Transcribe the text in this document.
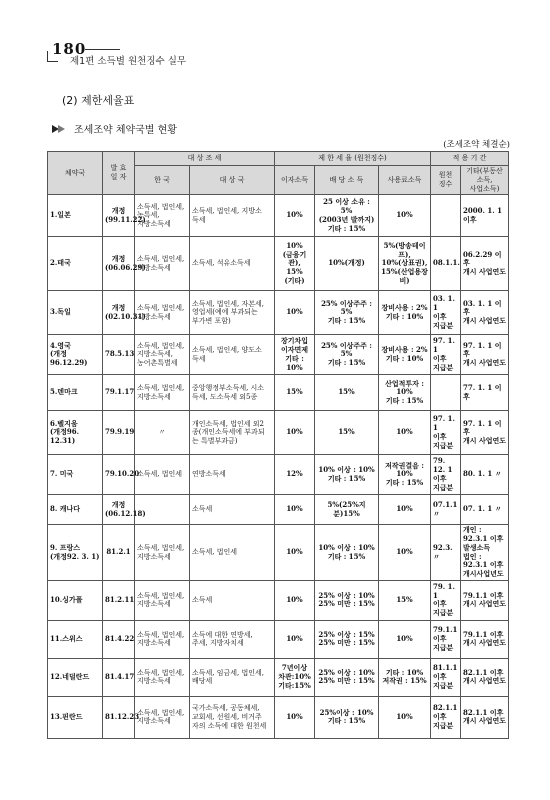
180
제1편 소득별 원천징수 실무
(2) 제한세율표
조세조약 체약국별 현황
(조세조약 체결순)
체약국	발 효
일 자	대 상 조 세		제 한 세 율 (원천징수)			적 용 기 간	
		한 국	대 상 국	이자소득	배 당 소 득	사용료소득	원천
징수	기타(부동산소득,
사업소득)
1.일본	개정
(99.11.22)	소득세, 법인세,
농특세,
지방소득세	소득세, 법인세, 지방소
득세	10%	25 이상 소유 : 5%
(2003년 발까지)
기타 : 15%	10%		2000. 1. 1 이후
2.태국	개정
(06.06.29)	소득세, 법인세,
지방소득세	소득세, 석유소득세	10%
(금융기관),
15%
(기타)	10%(개정)	5%(방송테이프),
10%(상표권),
15%(산업용장비)	08.1.1.	06.2.29 이후
개시 사업연도
3.독일	개정
(02.10.31)	소득세, 법인세,
지방소득세	소득세, 법인세, 자본세,
영업세(예에 부과되는
부가변 포함)	10%	25% 이상주주 :
5%
기타 : 15%	장비사용 : 2%
기타 : 10%	03. 1. 1
이후
지급분	03. 1. 1 이후
개시 사업연도
4.영국
(개정96.12.29)	78.5.13	소득세, 법인세,
지방소득세,
농어촌특별세	소득세, 법인세, 양도소
득세	장기차입
이자면제
기타 : 10%	25% 이상주주 :
5%
기타 : 15%	장비사용 : 2%
기타 : 10%	97. 1. 1
이후
지급분	97. 1. 1 이후
개시 사업연도
5.덴마크	79.1.17	소득세, 법인세,
지방소득세	중앙행정부소득세, 시소
득세, 도소득세 외5종	15%	15%	산업적투자 :
10%
기타 : 15%		77. 1. 1 이후
6.벨지움
(개정96. 12.31)	79.9.19	〃	개인소득세, 법인세 외2
종(개인소득세에 부과되
는 특별부과금)	10%	15%	10%	97. 1. 1
이후
지급분	97. 1. 1 이후
개시 사업연도
7. 미국	79.10.20	소득세, 법인세	연방소득세	12%	10% 이상 : 10%
기타 : 15%	저작권결음 :
10%
기타 : 15%	79. 12. 1
이후
지급분	80. 1. 1 〃
8. 캐나다	개정
(06.12.18)		소득세	10%	5%(25%지분)15%	10%	07.1.1 〃	07. 1. 1 〃
9. 프랑스
(개정92. 3. 1)	81.2.1	소득세, 법인세,
지방소득세	소득세, 법인세	10%	10% 이상 : 10%
기타 : 15%	10%	92.3. 〃	개인 : 92.3.1 이후
발생소득
법인 : 92.3.1 이후
개시사업년도
10.싱가폴	81.2.11	소득세, 법인세,
지방소득세	소득세	10%	25% 이상 : 10%
25% 미만 : 15%	15%	79. 1. 1
이후
지급분	79.1.1 이후
개시 사업연도
11.스위스	81.4.22	소득세, 법인세,
지방소득세	소득에 대한 연방세,
주세, 지방자치세	10%	25% 이상 : 15%
25% 미만 : 15%	10%	79.1.1
이후
지급분	79.1.1 이후
개시 사업연도
12.네덜란드	81.4.17	소득세, 법인세,
지방소득세	소득세, 임금세, 법인세,
배당세	7년이상
차관:10%
기타:15%	25% 이상 : 10%
25% 미만 : 15%	기타 : 10%
저작권 : 15%	81.1.1
이후
지급분	82.1.1 이후
개시 사업연도
13.핀란드	81.12.23	소득세, 법인세,
지방소득세	국가소득세, 공동체세,
교회세, 선원세, 비거주
자의 소득에 대한 원천세	10%	25%이상 : 10%
기타 : 15%	10%	82.1.1
이후
지급분	82.1.1 이후
개시 사업연도
